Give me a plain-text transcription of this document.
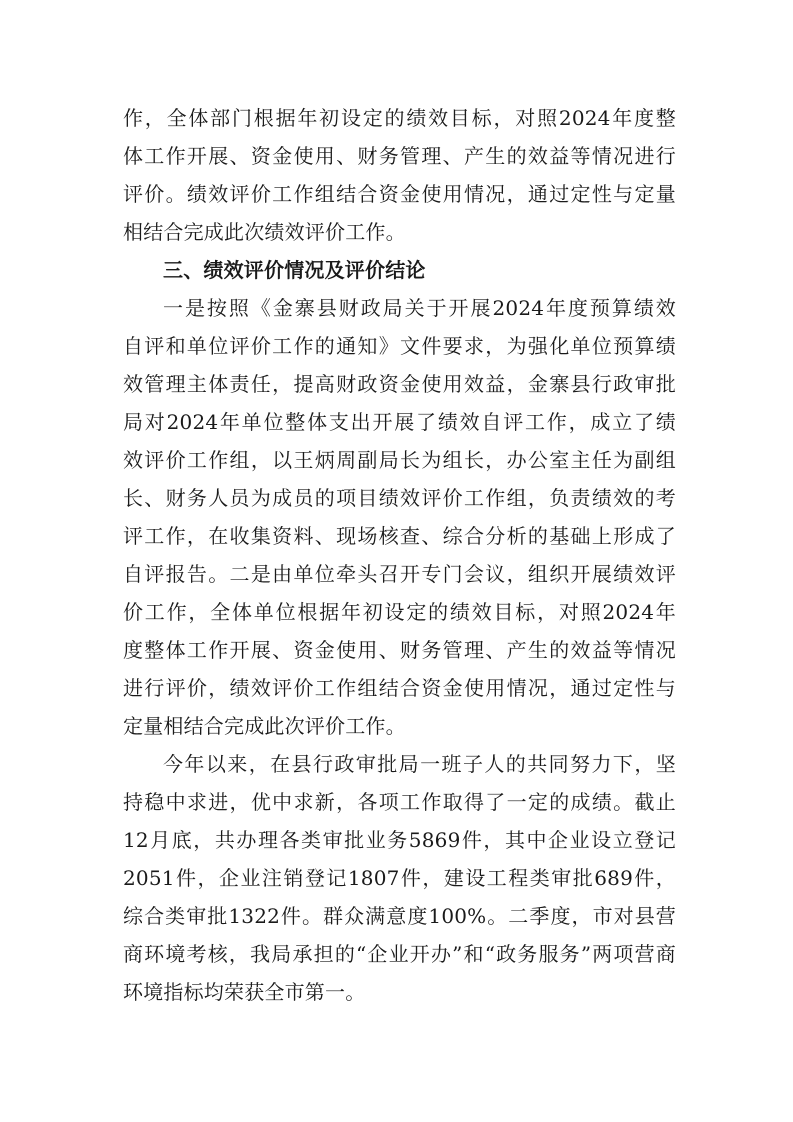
作，全体部门根据年初设定的绩效目标，对照2024年度整
体工作开展、资金使用、财务管理、产生的效益等情况进行
评价。绩效评价工作组结合资金使用情况，通过定性与定量
相结合完成此次绩效评价工作。
三、绩效评价情况及评价结论
一是按照《金寨县财政局关于开展2024年度预算绩效
自评和单位评价工作的通知》文件要求，为强化单位预算绩
效管理主体责任，提高财政资金使用效益，金寨县行政审批
局对2024年单位整体支出开展了绩效自评工作，成立了绩
效评价工作组，以王炳周副局长为组长，办公室主任为副组
长、财务人员为成员的项目绩效评价工作组，负责绩效的考
评工作，在收集资料、现场核查、综合分析的基础上形成了
自评报告。二是由单位牵头召开专门会议，组织开展绩效评
价工作，全体单位根据年初设定的绩效目标，对照2024年
度整体工作开展、资金使用、财务管理、产生的效益等情况
进行评价，绩效评价工作组结合资金使用情况，通过定性与
定量相结合完成此次评价工作。
今年以来，在县行政审批局一班子人的共同努力下，坚
持稳中求进，优中求新，各项工作取得了一定的成绩。截止
12月底，共办理各类审批业务5869件，其中企业设立登记
2051件，企业注销登记1807件，建设工程类审批689件，
综合类审批1322件。群众满意度100%。二季度，市对县营
商环境考核，我局承担的“企业开办”和“政务服务”两项营商
环境指标均荣获全市第一。
